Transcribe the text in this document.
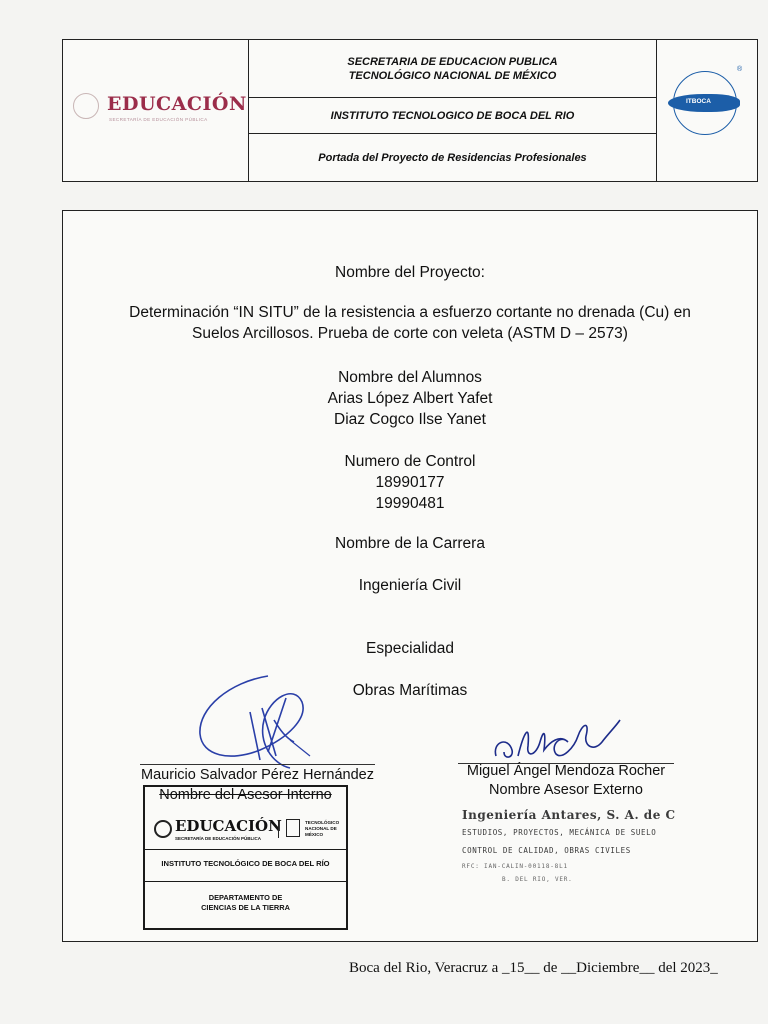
EDUCACIÓN
SECRETARÍA DE EDUCACIÓN PÚBLICA
SECRETARIA DE EDUCACION PUBLICA
TECNOLÓGICO NACIONAL DE MÉXICO
INSTITUTO TECNOLOGICO DE BOCA DEL RIO
Portada del Proyecto de Residencias Profesionales
ITBOCA
®
Nombre del Proyecto:
Determinación “IN SITU” de la resistencia a esfuerzo cortante no drenada (Cu) en
Suelos Arcillosos. Prueba de corte con veleta (ASTM D – 2573)
Nombre del Alumnos
Arias López Albert Yafet
Diaz Cogco Ilse Yanet
Numero de Control
18990177
19990481
Nombre de la Carrera
Ingeniería Civil
Especialidad
Obras Marítimas
Mauricio Salvador Pérez Hernández	Miguel Ángel Mendoza Rocher
Nombre Asesor Externo
Nombre del Asesor Interno
EDUCACIÓN
SECRETARÍA DE EDUCACIÓN PÚBLICA
TECNOLÓGICO
NACIONAL DE MÉXICO
INSTITUTO TECNOLÓGICO DE BOCA DEL RÍO
DEPARTAMENTO DE
CIENCIAS DE LA TIERRA
Ingeniería Antares, S. A. de C
ESTUDIOS, PROYECTOS, MECÁNICA DE SUELO
CONTROL DE CALIDAD, OBRAS CIVILES
RFC: IAN-CALIN-00118-8L1
B. DEL RIO, VER.
Boca del Rio, Veracruz a _15__ de __Diciembre__ del 2023_
